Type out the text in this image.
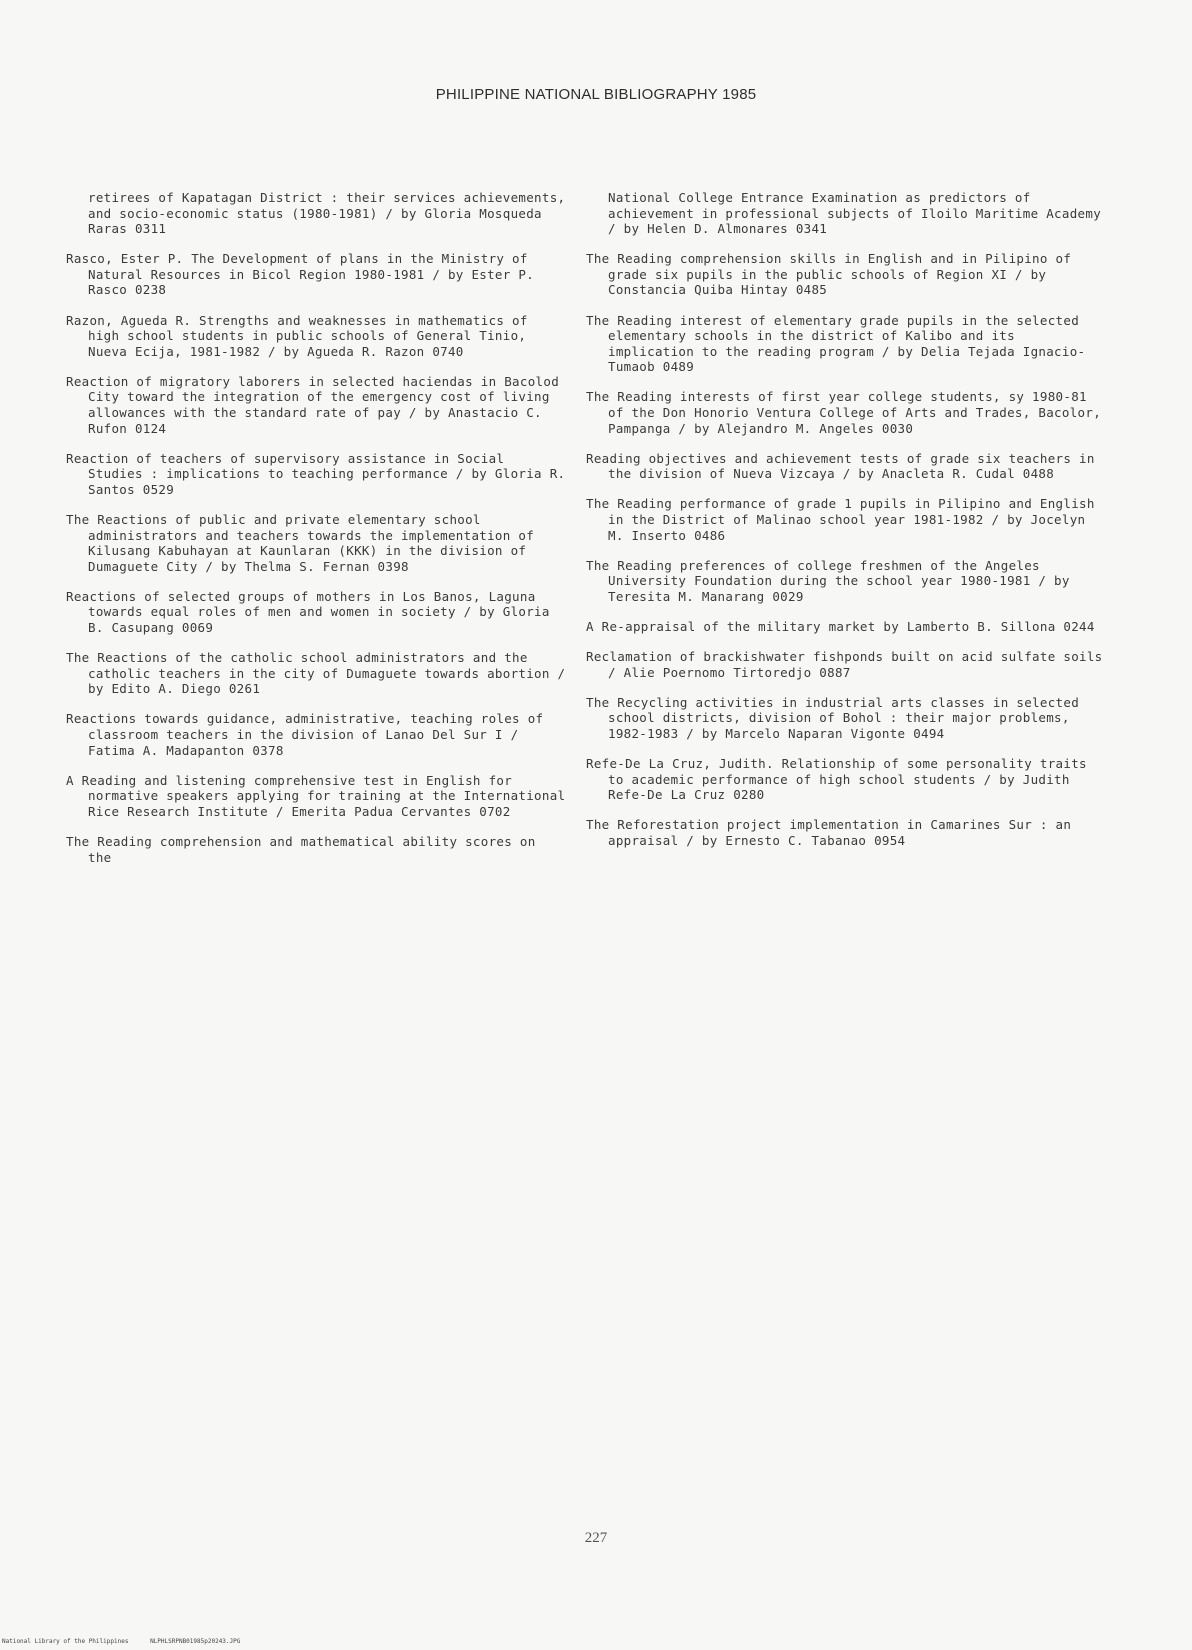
PHILIPPINE NATIONAL BIBLIOGRAPHY 1985

retirees of Kapatagan District : their services achievements, and socio-economic status (1980-1981) / by Gloria Mosqueda Raras 0311

Rasco, Ester P. The Development of plans in the Ministry of Natural Resources in Bicol Region 1980-1981 / by Ester P. Rasco 0238

Razon, Agueda R. Strengths and weaknesses in mathematics of high school students in public schools of General Tinio, Nueva Ecija, 1981-1982 / by Agueda R. Razon 0740

Reaction of migratory laborers in selected haciendas in Bacolod City toward the integration of the emergency cost of living allowances with the standard rate of pay / by Anastacio C. Rufon 0124

Reaction of teachers of supervisory assistance in Social Studies : implications to teaching performance / by Gloria R. Santos 0529

The Reactions of public and private elementary school administrators and teachers towards the implementation of Kilusang Kabuhayan at Kaunlaran (KKK) in the division of Dumaguete City / by Thelma S. Fernan 0398

Reactions of selected groups of mothers in Los Banos, Laguna towards equal roles of men and women in society / by Gloria B. Casupang 0069

The Reactions of the catholic school administrators and the catholic teachers in the city of Dumaguete towards abortion / by Edito A. Diego 0261

Reactions towards guidance, administrative, teaching roles of classroom teachers in the division of Lanao Del Sur I / Fatima A. Madapanton 0378

A Reading and listening comprehensive test in English for normative speakers applying for training at the International Rice Research Institute / Emerita Padua Cervantes 0702

The Reading comprehension and mathematical ability scores on the

National College Entrance Examination as predictors of achievement in professional subjects of Iloilo Maritime Academy / by Helen D. Almonares 0341

The Reading comprehension skills in English and in Pilipino of grade six pupils in the public schools of Region XI / by Constancia Quiba Hintay 0485

The Reading interest of elementary grade pupils in the selected elementary schools in the district of Kalibo and its implication to the reading program / by Delia Tejada Ignacio-Tumaob 0489

The Reading interests of first year college students, sy 1980-81 of the Don Honorio Ventura College of Arts and Trades, Bacolor, Pampanga / by Alejandro M. Angeles 0030

Reading objectives and achievement tests of grade six teachers in the division of Nueva Vizcaya / by Anacleta R. Cudal 0488

The Reading performance of grade 1 pupils in Pilipino and English in the District of Malinao school year 1981-1982 / by Jocelyn M. Inserto 0486

The Reading preferences of college freshmen of the Angeles University Foundation during the school year 1980-1981 / by Teresita M. Manarang 0029

A Re-appraisal of the military market by Lamberto B. Sillona 0244

Reclamation of brackishwater fishponds built on acid sulfate soils / Alie Poernomo Tirtoredjo 0887

The Recycling activities in industrial arts classes in selected school districts, division of Bohol : their major problems, 1982-1983 / by Marcelo Naparan Vigonte 0494

Refe-De La Cruz, Judith. Relationship of some personality traits to academic performance of high school students / by Judith Refe-De La Cruz 0280

The Reforestation project implementation in Camarines Sur : an appraisal / by Ernesto C. Tabanao 0954

227
National Library of the Philippines	NLPHLSRPNB01985p20243.JPG
